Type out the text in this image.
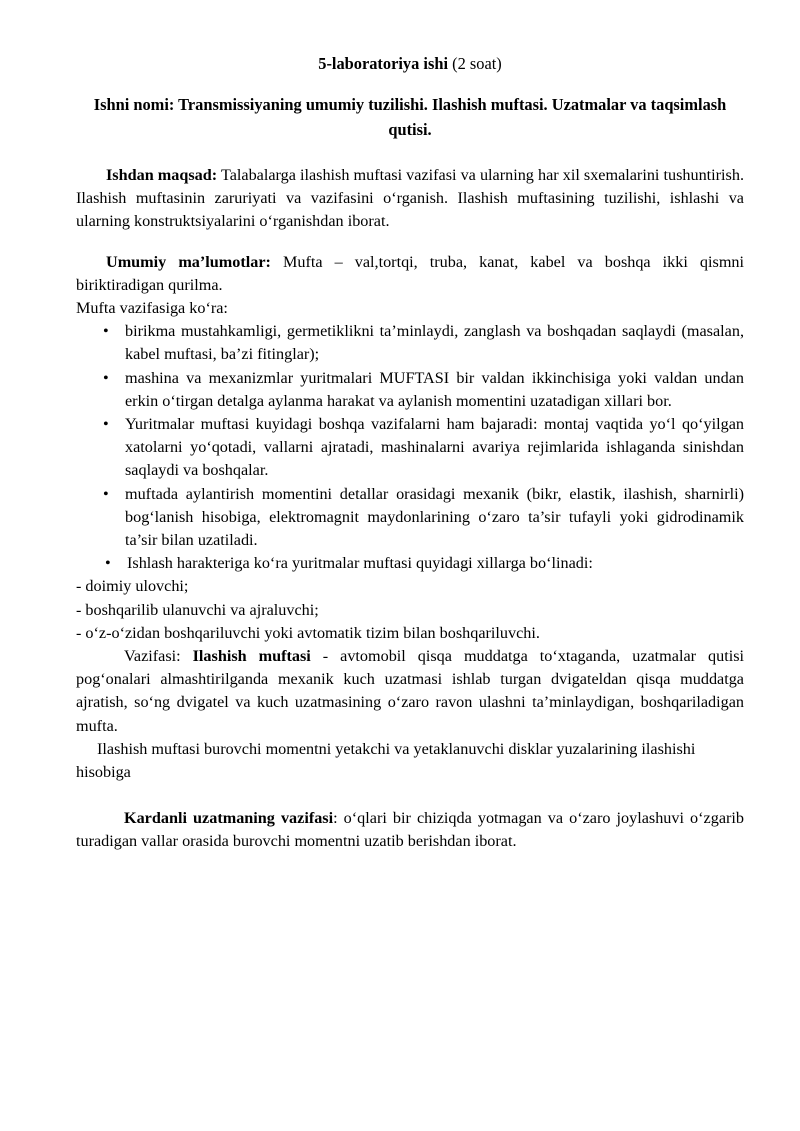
5-laboratoriya ishi (2 soat)
Ishni nomi: Transmissiyaning umumiy tuzilishi. Ilashish muftasi. Uzatmalar va taqsimlash qutisi.

Ishdan maqsad: Talabalarga ilashish muftasi vazifasi va ularning har xil sxemalarini tushuntirish. Ilashish muftasinin zaruriyati va vazifasini o‘rganish. Ilashish muftasining tuzilishi, ishlashi va ularning konstruktsiyalarini o‘rganishdan iborat.

Umumiy ma’lumotlar: Mufta – val,tortqi, truba, kanat, kabel va boshqa ikki qismni biriktiradigan qurilma.

Mufta vazifasiga ko‘ra:

• birikma mustahkamligi, germetiklikni ta’minlaydi, zanglash va boshqadan saqlaydi (masalan, kabel muftasi, ba’zi fitinglar);
• mashina va mexanizmlar yuritmalari MUFTASI bir valdan ikkinchisiga yoki valdan undan erkin o‘tirgan detalga aylanma harakat va aylanish momentini uzatadigan xillari bor.
• Yuritmalar muftasi kuyidagi boshqa vazifalarni ham bajaradi: montaj vaqtida yo‘l qo‘yilgan xatolarni yo‘qotadi, vallarni ajratadi, mashinalarni avariya rejimlarida ishlaganda sinishdan saqlaydi va boshqalar.
• muftada aylantirish momentini detallar orasidagi mexanik (bikr, elastik, ilashish, sharnirli) bog‘lanish hisobiga, elektromagnit maydonlarining o‘zaro ta’sir tufayli yoki gidrodinamik ta’sir bilan uzatiladi.
• Ishlash harakteriga ko‘ra yuritmalar muftasi quyidagi xillarga bo‘linadi:

- doimiy ulovchi;

- boshqarilib ulanuvchi va ajraluvchi;

- o‘z-o‘zidan boshqariluvchi yoki avtomatik tizim bilan boshqariluvchi.

Vazifasi: Ilashish muftasi - avtomobil qisqa muddatga to‘xtaganda, uzatmalar qutisi pog‘onalari almashtirilganda mexanik kuch uzatmasi ishlab turgan dvigateldan qisqa muddatga ajratish, so‘ng dvigatel va kuch uzatmasining o‘zaro ravon ulashni ta’minlaydigan, boshqariladigan mufta.

Ilashish muftasi burovchi momentni yetakchi va yetaklanuvchi disklar yuzalarining ilashishi hisobiga

Kardanli uzatmaning vazifasi: o‘qlari bir chiziqda yotmagan va o‘zaro joylashuvi o‘zgarib turadigan vallar orasida burovchi momentni uzatib berishdan iborat.
